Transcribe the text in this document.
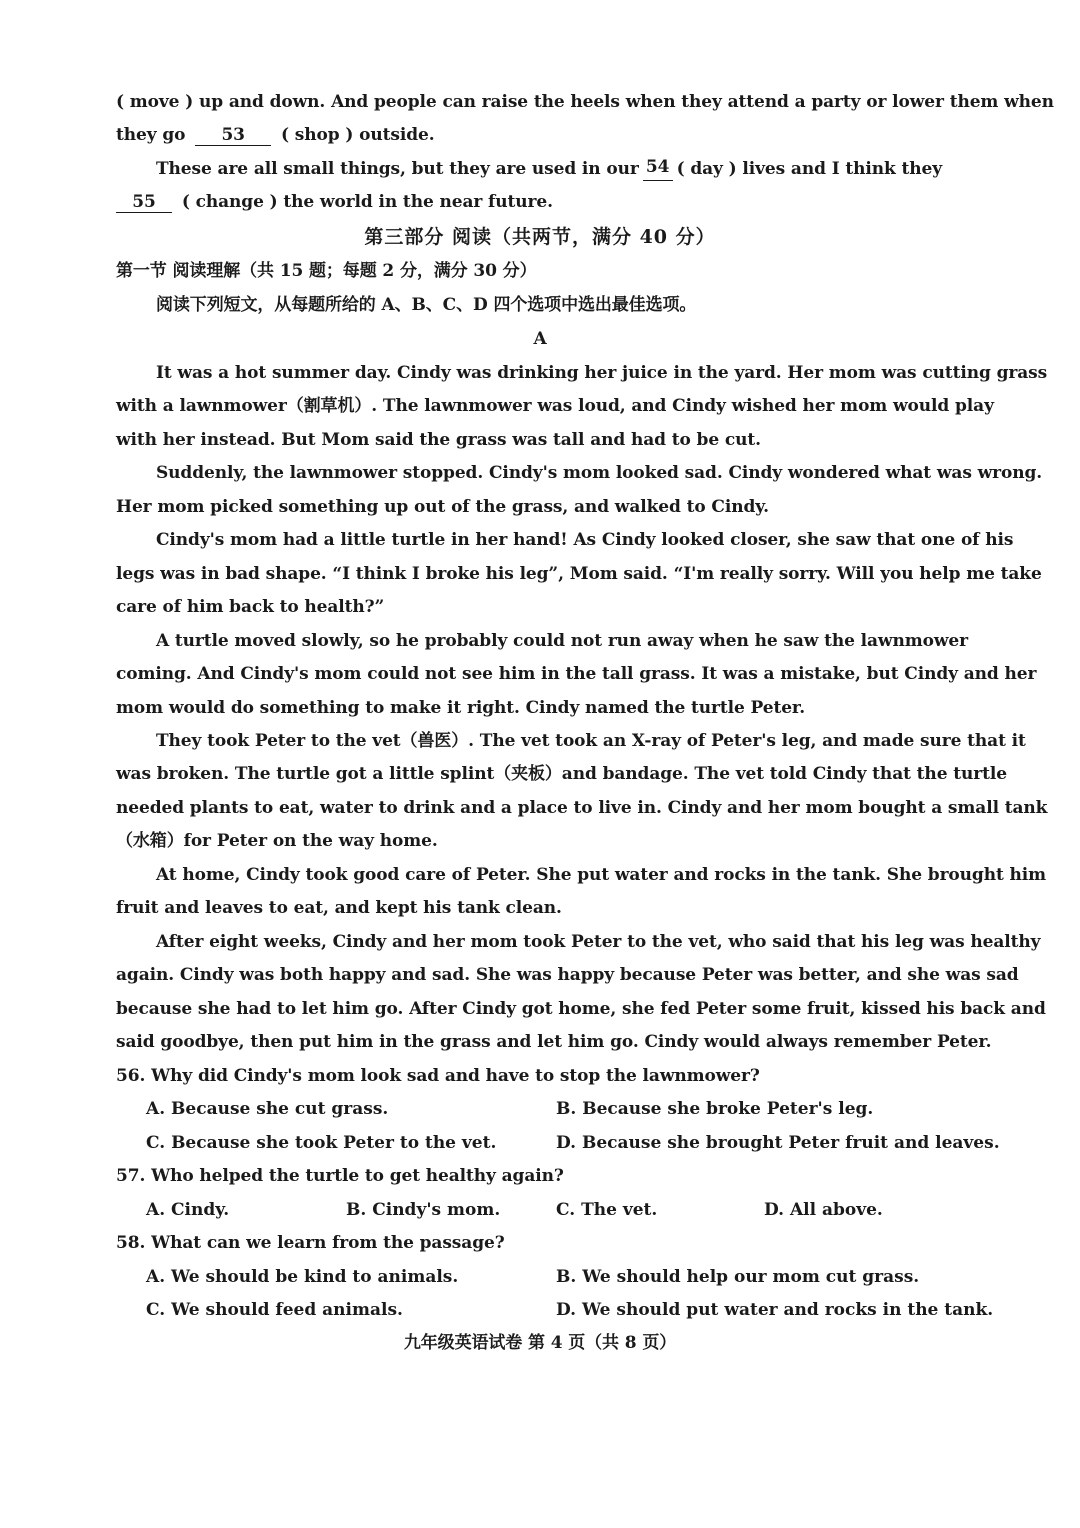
( move ) up and down. And people can raise the heels when they attend a party or lower them when
they go 53 ( shop ) outside.
These are all small things, but they are used in our 54 ( day ) lives and I think they
55 ( change ) the world in the near future.
第三部分 阅读（共两节，满分 40 分）
第一节 阅读理解（共 15 题；每题 2 分，满分 30 分）
阅读下列短文，从每题所给的 A、B、C、D 四个选项中选出最佳选项。
A
It was a hot summer day. Cindy was drinking her juice in the yard. Her mom was cutting grass
with a lawnmower（割草机）. The lawnmower was loud, and Cindy wished her mom would play
with her instead. But Mom said the grass was tall and had to be cut.
Suddenly, the lawnmower stopped. Cindy's mom looked sad. Cindy wondered what was wrong.
Her mom picked something up out of the grass, and walked to Cindy.
Cindy's mom had a little turtle in her hand! As Cindy looked closer, she saw that one of his
legs was in bad shape. “I think I broke his leg”, Mom said. “I'm really sorry. Will you help me take
care of him back to health?”
A turtle moved slowly, so he probably could not run away when he saw the lawnmower
coming. And Cindy's mom could not see him in the tall grass. It was a mistake, but Cindy and her
mom would do something to make it right. Cindy named the turtle Peter.
They took Peter to the vet（兽医）. The vet took an X-ray of Peter's leg, and made sure that it
was broken. The turtle got a little splint（夹板）and bandage. The vet told Cindy that the turtle
needed plants to eat, water to drink and a place to live in. Cindy and her mom bought a small tank
（水箱）for Peter on the way home.
At home, Cindy took good care of Peter. She put water and rocks in the tank. She brought him
fruit and leaves to eat, and kept his tank clean.
After eight weeks, Cindy and her mom took Peter to the vet, who said that his leg was healthy
again. Cindy was both happy and sad. She was happy because Peter was better, and she was sad
because she had to let him go. After Cindy got home, she fed Peter some fruit, kissed his back and
said goodbye, then put him in the grass and let him go. Cindy would always remember Peter.
56. Why did Cindy's mom look sad and have to stop the lawnmower?
A. Because she cut grass.	B. Because she broke Peter's leg.
C. Because she took Peter to the vet.	D. Because she brought Peter fruit and leaves.
57. Who helped the turtle to get healthy again?
A. Cindy.	B. Cindy's mom.	C. The vet.	D. All above.
58. What can we learn from the passage?
A. We should be kind to animals.	B. We should help our mom cut grass.
C. We should feed animals.	D. We should put water and rocks in the tank.
九年级英语试卷 第 4 页（共 8 页）
